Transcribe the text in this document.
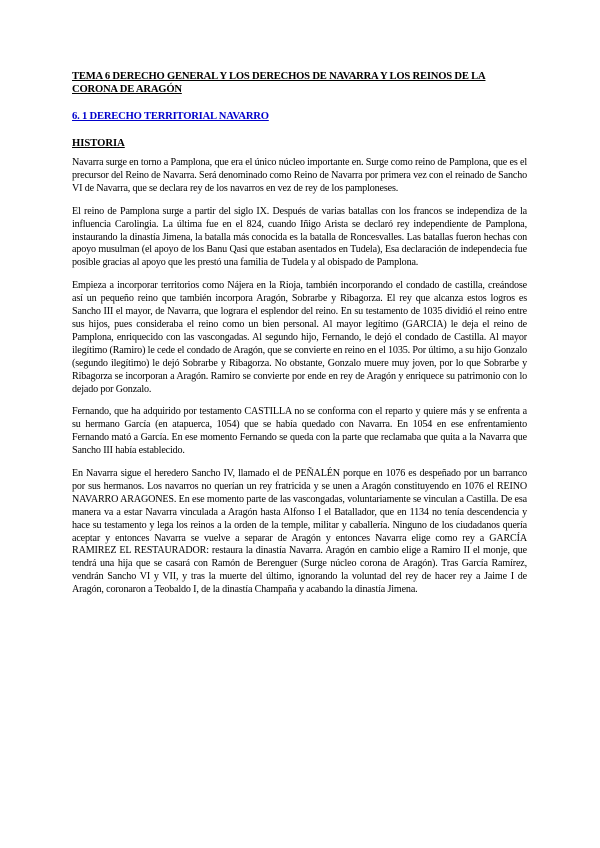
TEMA 6 DERECHO GENERAL Y LOS DERECHOS DE NAVARRA Y LOS REINOS DE LA CORONA DE ARAGÓN
6. 1 DERECHO TERRITORIAL NAVARRO
HISTORIA

Navarra surge en torno a Pamplona, que era el único núcleo importante en. Surge como reino de Pamplona, que es el precursor del Reino de Navarra. Será denominado como Reino de Navarra por primera vez con el reinado de Sancho VI de Navarra, que se declara rey de los navarros en vez de rey de los pamploneses.

El reino de Pamplona surge a partir del siglo IX. Después de varias batallas con los francos se independiza de la influencia Carolingia. La última fue en el 824, cuando Iñigo Arista se declaró rey independiente de Pamplona, instaurando la dinastía Jimena, la batalla más conocida es la batalla de Roncesvalles. Las batallas fueron hechas con apoyo musulman (el apoyo de los Banu Qasi que estaban asentados en Tudela), Esa declaración de independecia fue posible gracias al apoyo que les prestó una familia de Tudela y al obispado de Pamplona.

Empieza a incorporar territorios como Nájera en la Rioja, también incorporando el condado de castilla, creándose así un pequeño reino que también incorpora Aragón, Sobrarbe y Ribagorza. El rey que alcanza estos logros es Sancho III el mayor, de Navarra, que lograra el esplendor del reino. En su testamento de 1035 dividió el reino entre sus hijos, pues consideraba el reino como un bien personal. Al mayor legítimo (GARCIA) le deja el reino de Pamplona, enriquecido con las vascongadas. Al segundo hijo, Fernando, le dejó el condado de Castilla. Al mayor ilegítimo (Ramiro) le cede el condado de Aragón, que se convierte en reino en el 1035. Por último, a su hijo Gonzalo (segundo ilegítimo) le dejó Sobrarbe y Ribagorza. No obstante, Gonzalo muere muy joven, por lo que Sobrarbe y Ribagorza se incorporan a Aragón. Ramiro se convierte por ende en rey de Aragón y enriquece su patrimonio con lo dejado por Gonzalo.

Fernando, que ha adquirido por testamento CASTILLA no se conforma con el reparto y quiere más y se enfrenta a su hermano García (en atapuerca, 1054) que se había quedado con Navarra. En 1054 en ese enfrentamiento Fernando mató a García. En ese momento Fernando se queda con la parte que reclamaba que quita a la Navarra que Sancho III había establecido.

En Navarra sigue el heredero Sancho IV, llamado el de PEÑALÉN porque en 1076 es despeñado por un barranco por sus hermanos. Los navarros no querían un rey fratricida y se unen a Aragón constituyendo en 1076 el REINO NAVARRO ARAGONES. En ese momento parte de las vascongadas, voluntariamente se vinculan a Castilla. De esa manera va a estar Navarra vinculada a Aragón hasta Alfonso I el Batallador, que en 1134 no tenía descendencia y hace su testamento y lega los reinos a la orden de la temple, militar y caballería. Ninguno de los ciudadanos quería aceptar y entonces Navarra se vuelve a separar de Aragón y entonces Navarra elige como rey a GARCÍA RAMIREZ EL RESTAURADOR: restaura la dinastía Navarra. Aragón en cambio elige a Ramiro II el monje, que tendrá una hija que se casará con Ramón de Berenguer (Surge núcleo corona de Aragón). Tras García Ramírez, vendrán Sancho VI y VII, y tras la muerte del último, ignorando la voluntad del rey de hacer rey a Jaime I de Aragón, coronaron a Teobaldo I, de la dinastía Champaña y acabando la dinastía Jimena.
